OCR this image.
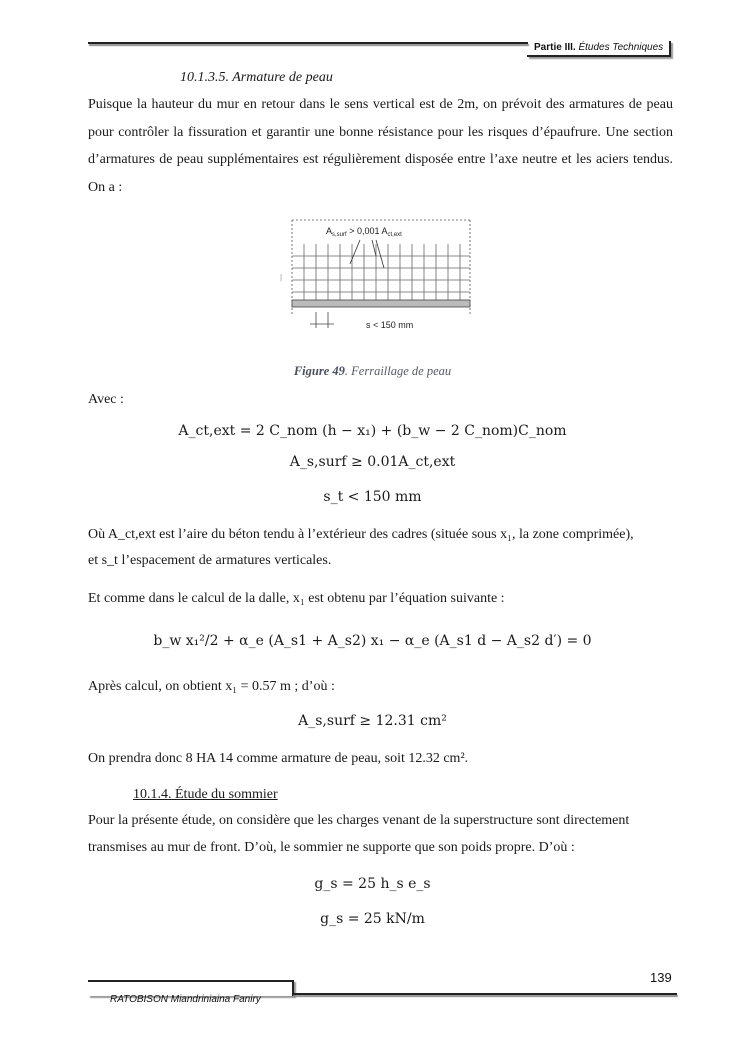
Partie III. Études Techniques
10.1.3.5. Armature de peau
Puisque la hauteur du mur en retour dans le sens vertical est de 2m, on prévoit des armatures de peau pour contrôler la fissuration et garantir une bonne résistance pour les risques d’épaufrure. Une section d’armatures de peau supplémentaires est régulièrement disposée entre l’axe neutre et les aciers tendus. On a :
$A_{s,surf} > 0,001$ $A_{ct,ext}$
s < 150 mm
|
Figure 49. Ferraillage de peau
Avec :
A_ct,ext = 2 C_nom (h − x₁) + (b_w − 2 C_nom)C_nom
A_s,surf ≥ 0.01A_ct,ext
s_t < 150 mm
Où A_ct,ext est l’aire du béton tendu à l’extérieur des cadres (située sous x₁, la zone comprimée),
et s_t l’espacement de armatures verticales.
Et comme dans le calcul de la dalle, x₁ est obtenu par l’équation suivante :
b_w x₁²/2 + α_e (A_s1 + A_s2) x₁ − α_e (A_s1 d − A_s2 d′) = 0
Après calcul, on obtient x₁ = 0.57 m ; d’où :
A_s,surf ≥ 12.31 cm²
On prendra donc 8 HA 14 comme armature de peau, soit 12.32 cm².
10.1.4. Étude du sommier
Pour la présente étude, on considère que les charges venant de la superstructure sont directement
transmises au mur de front. D’où, le sommier ne supporte que son poids propre. D’où :
g_s = 25 h_s e_s
g_s = 25 kN/m
139
RATOBISON Miandriniaina Faniry
